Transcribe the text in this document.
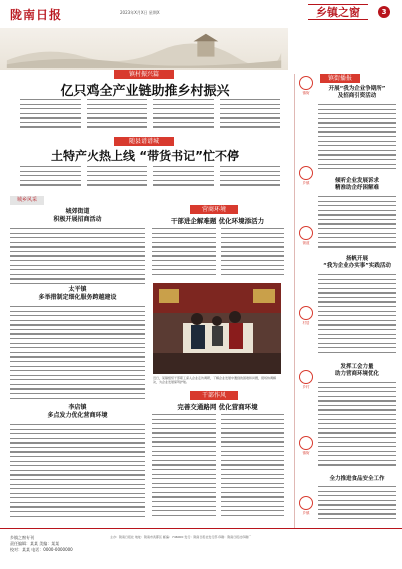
陇南日报	2023年X月X日 星期X	乡镇之窗	3
镇村振兴篇
亿只鸡全产业链助推乡村振兴
随县谱谱城
土特产火热上线 “带货书记”忙不停
城乡风采
城郊街道
积极开展招商活动
太平镇
多举措制定细化服务跨越建设
李店镇
多点发力优化营商环境
营商环境
干部进企解难题 优化环境添活力
近日，某镇组织干部职工深入企业走访调研，了解企业发展中遇到的困难和问题，现场协调解决，为企业发展保驾护航。
干部作风
完善交通路网 优化营商环境
镇街播报
镇街
乡镇
街道
村居
乡村
镇街
乡镇
开展“我为企业争期所”
及招商引资活动
倾听企业发展诉求
精准助企纾困解难
扬帆开展
“我为企业办实事”实践活动
发挥工会力量
助力营商环境优化
全力推进食品安全工作
乡镇之窗专刊
责任编辑：某某 美编：某某
校对：某某 电话：0000-0000000
主办：陇南日报社 地址：陇南市武都区 邮编：746000 发行：陇南日报社发行部 印刷：陇南日报社印刷厂
